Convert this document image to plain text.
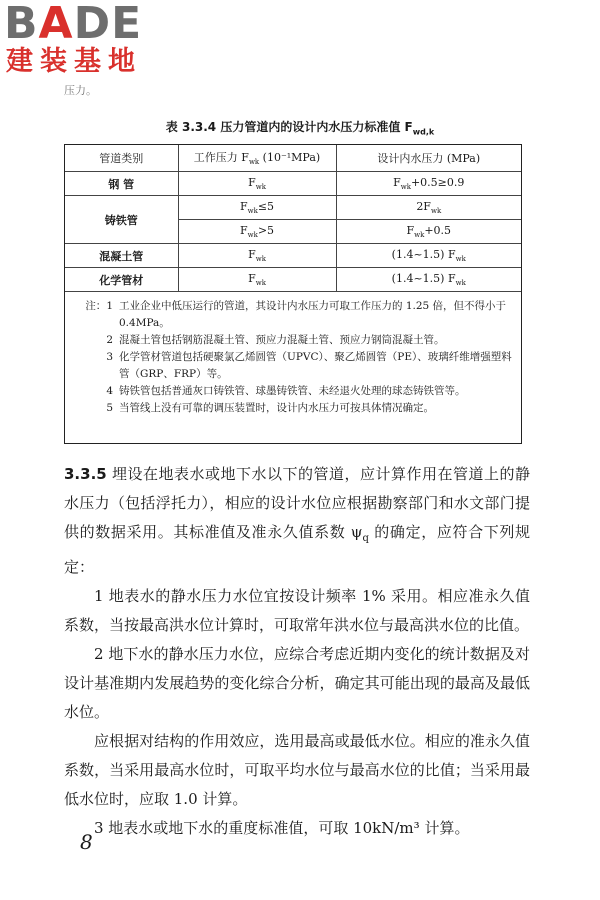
BADE
建装基地
压力。
表 3.3.4 压力管道内的设计内水压力标准值 $F_{wd,k}$
管道类别	工作压力 $F_{wk}$ (10⁻¹MPa)	设计内水压力 (MPa)
钢 管	$F_{wk}$	$F_{wk}+0.5\ge 0.9$
铸铁管	$F_{wk}\le 5$	$2F_{wk}$
	$F_{wk}>5$	$F_{wk}+0.5$
混凝土管	$F_{wk}$	(1.4~1.5) $F_{wk}$
化学管材	$F_{wk}$	(1.4~1.5) $F_{wk}$
注：1 工业企业中低压运行的管道，其设计内水压力可取工作压力的 1.25 倍，但不得小于 0.4MPa。
2 混凝土管包括钢筋混凝土管、预应力混凝土管、预应力钢筒混凝土管。
3 化学管材管道包括硬聚氯乙烯圆管（UPVC）、聚乙烯圆管（PE）、玻璃纤维增强塑料管（GRP、FRP）等。
4 铸铁管包括普通灰口铸铁管、球墨铸铁管、未经退火处理的球态铸铁管等。
5 当管线上没有可靠的调压装置时，设计内水压力可按具体情况确定。

3.3.5 埋设在地表水或地下水以下的管道，应计算作用在管道上的静水压力（包括浮托力），相应的设计水位应根据勘察部门和水文部门提供的数据采用。其标准值及准永久值系数 $\psi_q$ 的确定，应符合下列规定：

1 地表水的静水压力水位宜按设计频率 1% 采用。相应准永久值系数，当按最高洪水位计算时，可取常年洪水位与最高洪水位的比值。

2 地下水的静水压力水位，应综合考虑近期内变化的统计数据及对设计基准期内发展趋势的变化综合分析，确定其可能出现的最高及最低水位。

应根据对结构的作用效应，选用最高或最低水位。相应的准永久值系数，当采用最高水位时，可取平均水位与最高水位的比值；当采用最低水位时，应取 1.0 计算。

3 地表水或地下水的重度标准值，可取 10kN/m³ 计算。

8
